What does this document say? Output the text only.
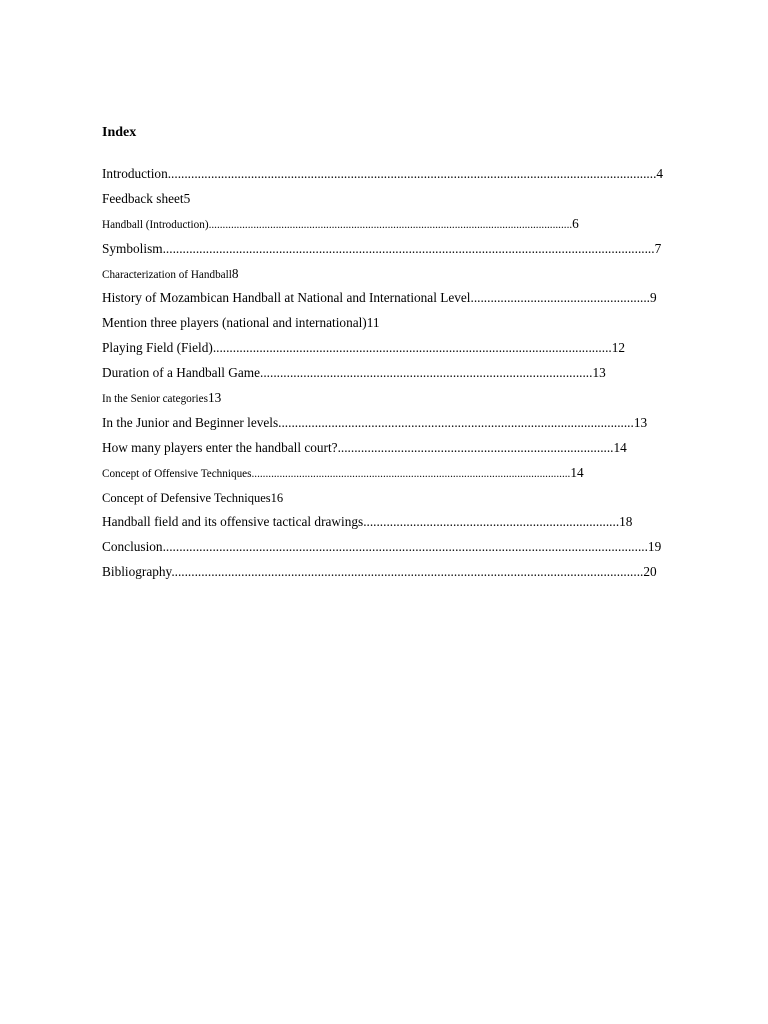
Index
Introduction...................................................................................................................................................4
Feedback sheet5
Handball (Introduction)..................................................................................................................................6
Symbolism....................................................................................................................................................7
Characterization of Handball8
History of Mozambican Handball at National and International Level......................................................9
Mention three players (national and international)11
Playing Field (Field)........................................................................................................................12
Duration of a Handball Game....................................................................................................13
In the Senior categories13
In the Junior and Beginner levels...........................................................................................................13
How many players enter the handball court?...................................................................................14
Concept of Offensive Techniques..................................................................................................................14
Concept of Defensive Techniques16
Handball field and its offensive tactical drawings.............................................................................18
Conclusion..................................................................................................................................................19
Bibliography..............................................................................................................................................20
